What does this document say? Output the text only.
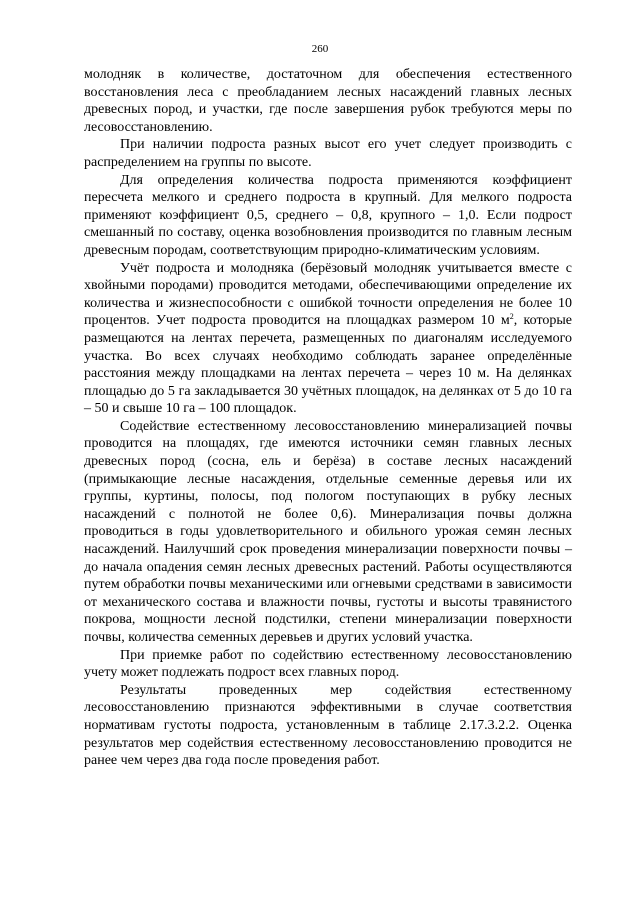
260

молодняк в количестве, достаточном для обеспечения естественного восстановления леса с преобладанием лесных насаждений главных лесных древесных пород, и участки, где после завершения рубок требуются меры по лесовосстановлению.

При наличии подроста разных высот его учет следует производить с распределением на группы по высоте.

Для определения количества подроста применяются коэффициент пересчета мелкого и среднего подроста в крупный. Для мелкого подроста применяют коэффициент 0,5, среднего – 0,8, крупного – 1,0. Если подрост смешанный по составу, оценка возобновления производится по главным лесным древесным породам, соответствующим природно-климатическим условиям.

Учёт подроста и молодняка (берёзовый молодняк учитывается вместе с хвойными породами) проводится методами, обеспечивающими определение их количества и жизнеспособности с ошибкой точности определения не более 10 процентов. Учет подроста проводится на площадках размером 10 $м^2$, которые размещаются на лентах перечета, размещенных по диагоналям исследуемого участка. Во всех случаях необходимо соблюдать заранее определённые расстояния между площадками на лентах перечета – через 10 м. На делянках площадью до 5 га закладывается 30 учётных площадок, на делянках от 5 до 10 га – 50 и свыше 10 га – 100 площадок.

Содействие естественному лесовосстановлению минерализацией почвы проводится на площадях, где имеются источники семян главных лесных древесных пород (сосна, ель и берёза) в составе лесных насаждений (примыкающие лесные насаждения, отдельные семенные деревья или их группы, куртины, полосы, под пологом поступающих в рубку лесных насаждений с полнотой не более 0,6). Минерализация почвы должна проводиться в годы удовлетворительного и обильного урожая семян лесных насаждений. Наилучший срок проведения минерализации поверхности почвы – до начала опадения семян лесных древесных растений. Работы осуществляются путем обработки почвы механическими или огневыми средствами в зависимости от механического состава и влажности почвы, густоты и высоты травянистого покрова, мощности лесной подстилки, степени минерализации поверхности почвы, количества семенных деревьев и других условий участка.

При приемке работ по содействию естественному лесовосстановлению учету может подлежать подрост всех главных пород.

Результаты проведенных мер содействия естественному лесовосстановлению признаются эффективными в случае соответствия нормативам густоты подроста, установленным в таблице 2.17.3.2.2. Оценка результатов мер содействия естественному лесовосстановлению проводится не ранее чем через два года после проведения работ.
